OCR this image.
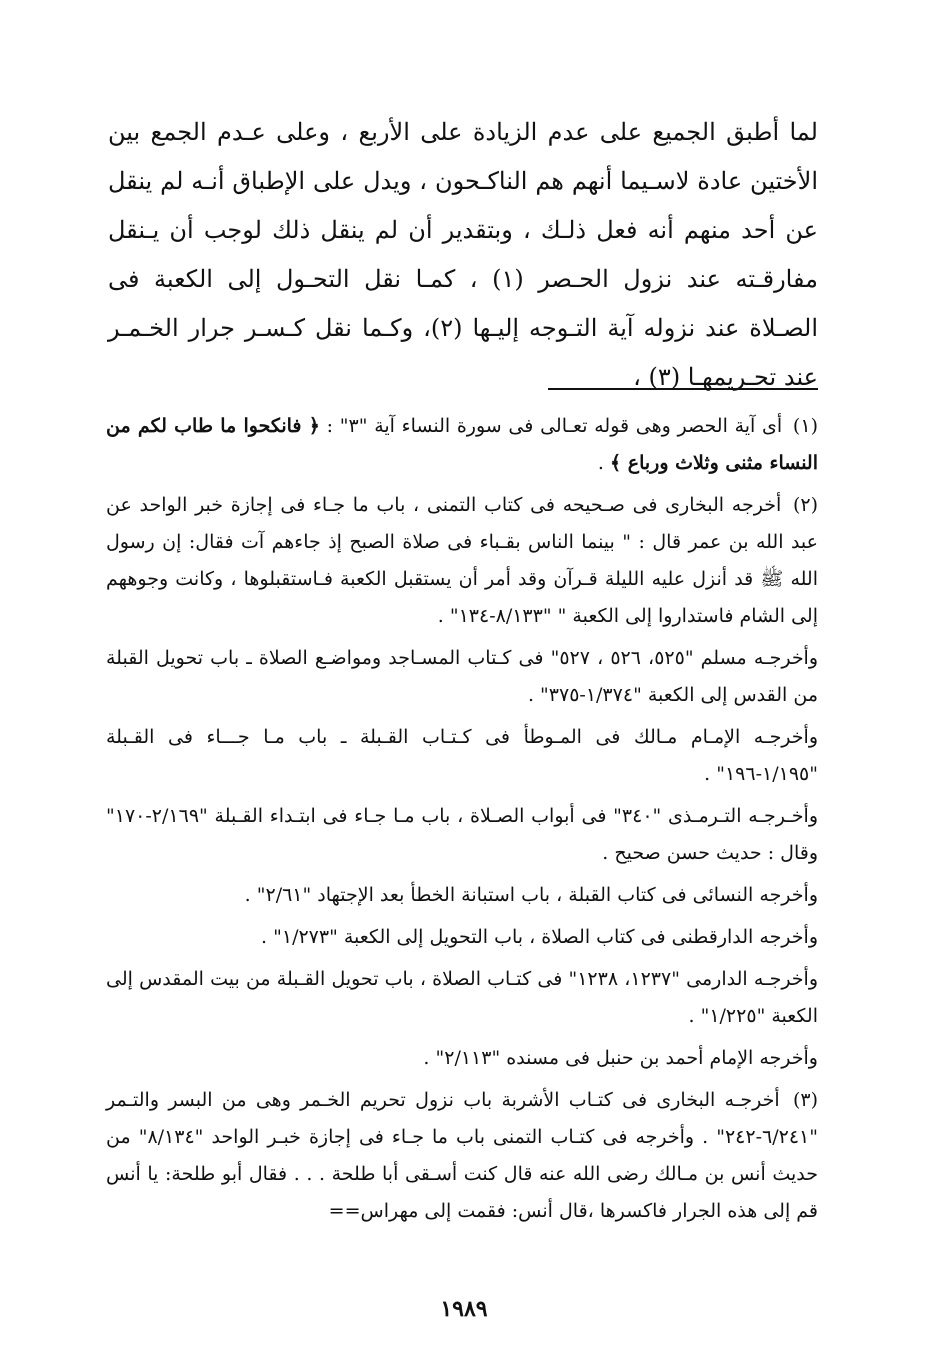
لما أطبق الجميع على عدم الزيادة على الأربع ، وعلى عـدم الجمع بين الأختين عادة لاسـيما أنهم هم الناكـحون ، ويدل على الإطباق أنـه لم ينقل عن أحد منهم أنه فعل ذلـك ، وبتقدير أن لم ينقل ذلك لوجب أن يـنقل مفارقـته عند نزول الحـصر (١) ، كمـا نقل التحـول إلى الكعبة فى الصـلاة عند نزوله آية التـوجه إليـها (٢)، وكـما نقل كـسـر جرار الخـمـر عند تحـريمهـا (٣) ،

(١) أى آية الحصر وهى قوله تعـالى فى سورة النساء آية "٣" : ﴿ فانكحوا ما طاب لكم من النساء مثنى وثلاث ورباع ﴾ .

(٢) أخرجه البخارى فى صـحيحه فى كتاب التمنى ، باب ما جـاء فى إجازة خبر الواحد عن عبد الله بن عمر قال : " بينما الناس بقـباء فى صلاة الصبح إذ جاءهم آت فقال: إن رسول الله ﷺ قد أنزل عليه الليلة قـرآن وقد أمر أن يستقبل الكعبة فـاستقبلوها ، وكانت وجوههم إلى الشام فاستداروا إلى الكعبة " "٨/١٣٣-١٣٤" .

وأخرجـه مسلم "٥٢٥، ٥٢٦ ، ٥٢٧" فى كـتاب المسـاجد ومواضـع الصلاة ـ باب تحويل القبلة من القدس إلى الكعبة "١/٣٧٤-٣٧٥" .

وأخرجـه الإمـام مـالك فى المـوطأ فى كـتـاب القـبلة ـ باب مـا جـــاء فى القـبلة "١/١٩٥-١٩٦" .

وأخـرجـه التـرمـذى "٣٤٠" فى أبواب الصـلاة ، باب مـا جـاء فى ابتـداء القـبلة "٢/١٦٩-١٧٠" وقال : حديث حسن صحيح .

وأخرجه النسائى فى كتاب القبلة ، باب استبانة الخطأ بعد الإجتهاد "٢/٦١" .

وأخرجه الدارقطنى فى كتاب الصلاة ، باب التحويل إلى الكعبة "١/٢٧٣" .

وأخرجـه الدارمى "١٢٣٧، ١٢٣٨" فى كتـاب الصلاة ، باب تحويل القـبلة من بيت المقدس إلى الكعبة "١/٢٢٥" .

وأخرجه الإمام أحمد بن حنبل فى مسنده "٢/١١٣" .

(٣) أخرجـه البخارى فى كتـاب الأشربة باب نزول تحريم الخـمر وهى من البسر والتـمر "٦/٢٤١-٢٤٢" . وأخرجه فى كتـاب التمنى باب ما جـاء فى إجازة خبـر الواحد "٨/١٣٤" من حديث أنس بن مـالك رضى الله عنه قال كنت أسـقى أبا طلحة . . . فقال أبو طلحة: يا أنس قم إلى هذه الجرار فاكسرها ،قال أنس: فقمت إلى مهراس==

١٩٨٩
